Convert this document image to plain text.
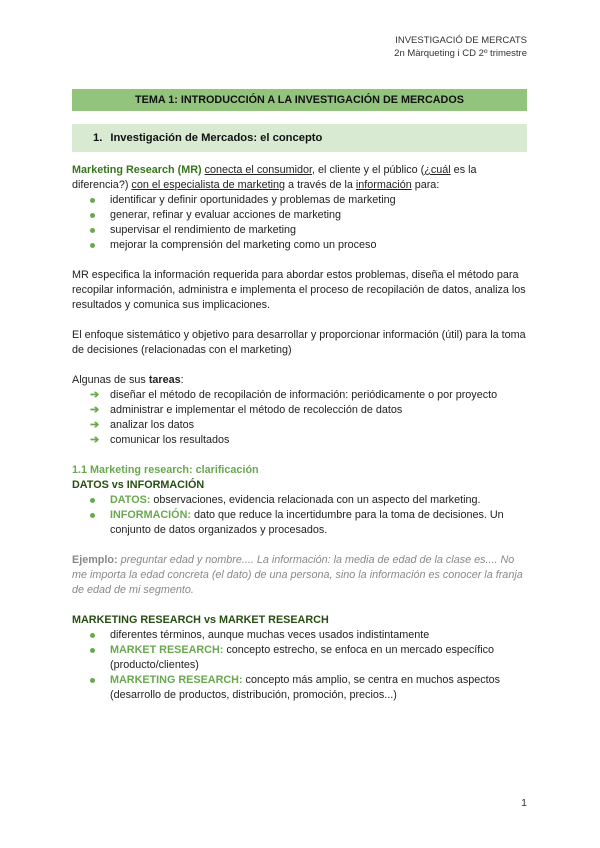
INVESTIGACIÓ DE MERCATS
2n Màrqueting i CD 2º trimestre
TEMA 1: INTRODUCCIÓN A LA INVESTIGACIÓN DE MERCADOS
1. Investigación de Mercados: el concepto

Marketing Research (MR) conecta el consumidor, el cliente y el público (¿cuál es la diferencia?) con el especialista de marketing a través de la información para:

identificar y definir oportunidades y problemas de marketing
generar, refinar y evaluar acciones de marketing
supervisar el rendimiento de marketing
mejorar la comprensión del marketing como un proceso

MR especifica la información requerida para abordar estos problemas, diseña el método para recopilar información, administra e implementa el proceso de recopilación de datos, analiza los resultados y comunica sus implicaciones.

El enfoque sistemático y objetivo para desarrollar y proporcionar información (útil) para la toma de decisiones (relacionadas con el marketing)

Algunas de sus tareas:

➔ diseñar el método de recopilación de información: periódicamente o por proyecto
➔ administrar e implementar el método de recolección de datos
➔ analizar los datos
➔ comunicar los resultados

1.1 Marketing research: clarificación

DATOS vs INFORMACIÓN

DATOS: observaciones, evidencia relacionada con un aspecto del marketing.
INFORMACIÓN: dato que reduce la incertidumbre para la toma de decisiones. Un conjunto de datos organizados y procesados.

Ejemplo: preguntar edad y nombre.... La información: la media de edad de la clase es.... No me importa la edad concreta (el dato) de una persona, sino la información es conocer la franja de edad de mi segmento.

MARKETING RESEARCH vs MARKET RESEARCH

diferentes términos, aunque muchas veces usados indistintamente
MARKET RESEARCH: concepto estrecho, se enfoca en un mercado específico (producto/clientes)
MARKETING RESEARCH: concepto más amplio, se centra en muchos aspectos (desarrollo de productos, distribución, promoción, precios...)
1
